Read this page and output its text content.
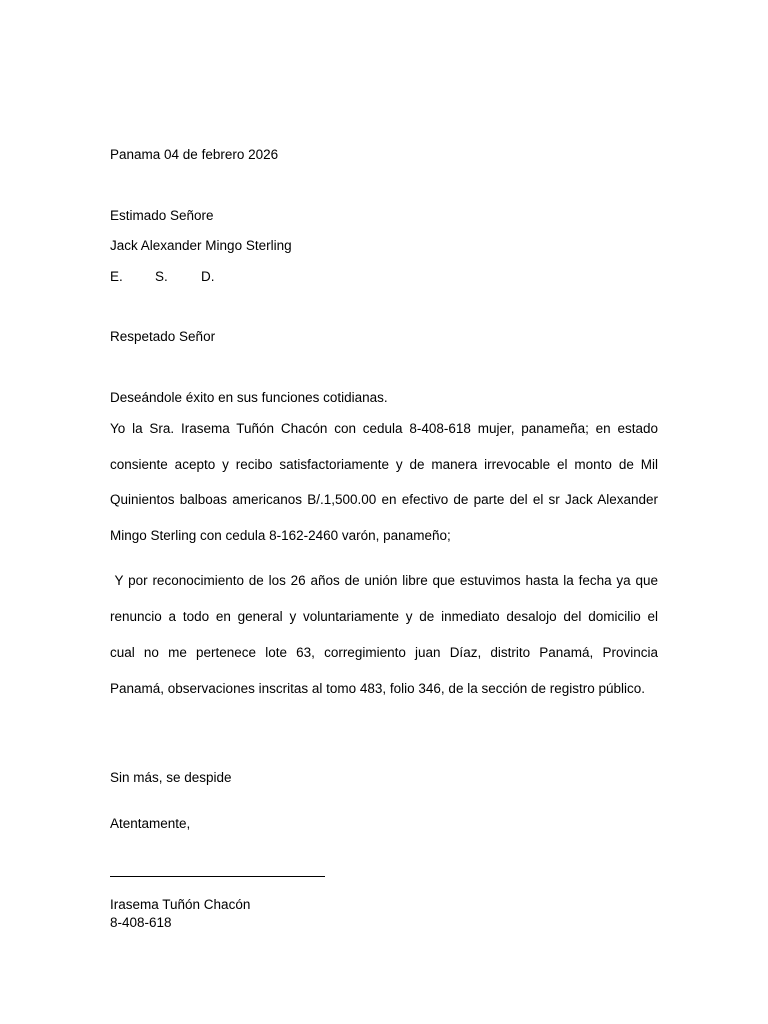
Panama 04 de febrero 2026
Estimado Señore
Jack Alexander Mingo Sterling
E. S. D.
Respetado Señor
Deseándole éxito en sus funciones cotidianas.
Yo la Sra. Irasema Tuñón Chacón con cedula 8-408-618 mujer, panameña; en estado
consiente acepto y recibo satisfactoriamente y de manera irrevocable el monto de Mil
Quinientos balboas americanos B/.1,500.00 en efectivo de parte del el sr Jack Alexander
Mingo Sterling con cedula 8-162-2460 varón, panameño;
Y por reconocimiento de los 26 años de unión libre que estuvimos hasta la fecha ya que
renuncio a todo en general y voluntariamente y de inmediato desalojo del domicilio el
cual no me pertenece lote 63, corregimiento juan Díaz, distrito Panamá, Provincia
Panamá, observaciones inscritas al tomo 483, folio 346, de la sección de registro público.
Sin más, se despide
Atentamente,
Irasema Tuñón Chacón
8-408-618
